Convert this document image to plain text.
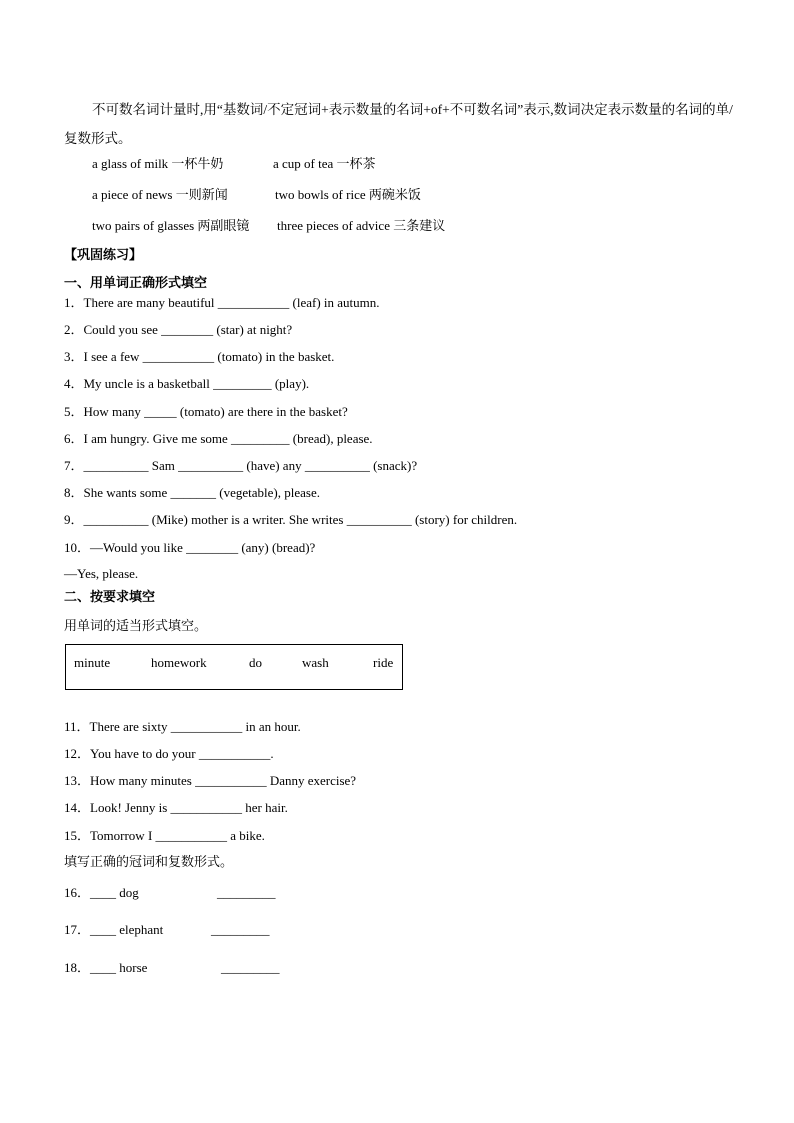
不可数名词计量时,用“基数词/不定冠词+表示数量的名词+of+不可数名词”表示,数词决定表示数量的名词的单/复数形式。
a glass of milk 一杯牛奶	a cup of tea 一杯茶
a piece of news 一则新闻	two bowls of rice 两碗米饭
two pairs of glasses 两副眼镜 three pieces of advice 三条建议
【巩固练习】
一、用单词正确形式填空
1．There are many beautiful ___________ (leaf) in autumn.
2．Could you see ________ (star) at night?
3．I see a few ___________ (tomato) in the basket.
4．My uncle is a basketball _________ (play).
5．How many _____ (tomato) are there in the basket?
6．I am hungry. Give me some _________ (bread), please.
7．__________ Sam __________ (have) any __________ (snack)?
8．She wants some _______ (vegetable), please.
9．__________ (Mike) mother is a writer. She writes __________ (story) for children.
10．—Would you like ________ (any) (bread)?
—Yes, please.
二、按要求填空
用单词的适当形式填空。
minute	homework	do	wash	ride
11．There are sixty ___________ in an hour.
12．You have to do your ___________.
13．How many minutes ___________ Danny exercise?
14．Look! Jenny is ___________ her hair.
15．Tomorrow I ___________ a bike.
填写正确的冠词和复数形式。
16．____ dog	_________
17．____ elephant	_________
18．____ horse	_________
